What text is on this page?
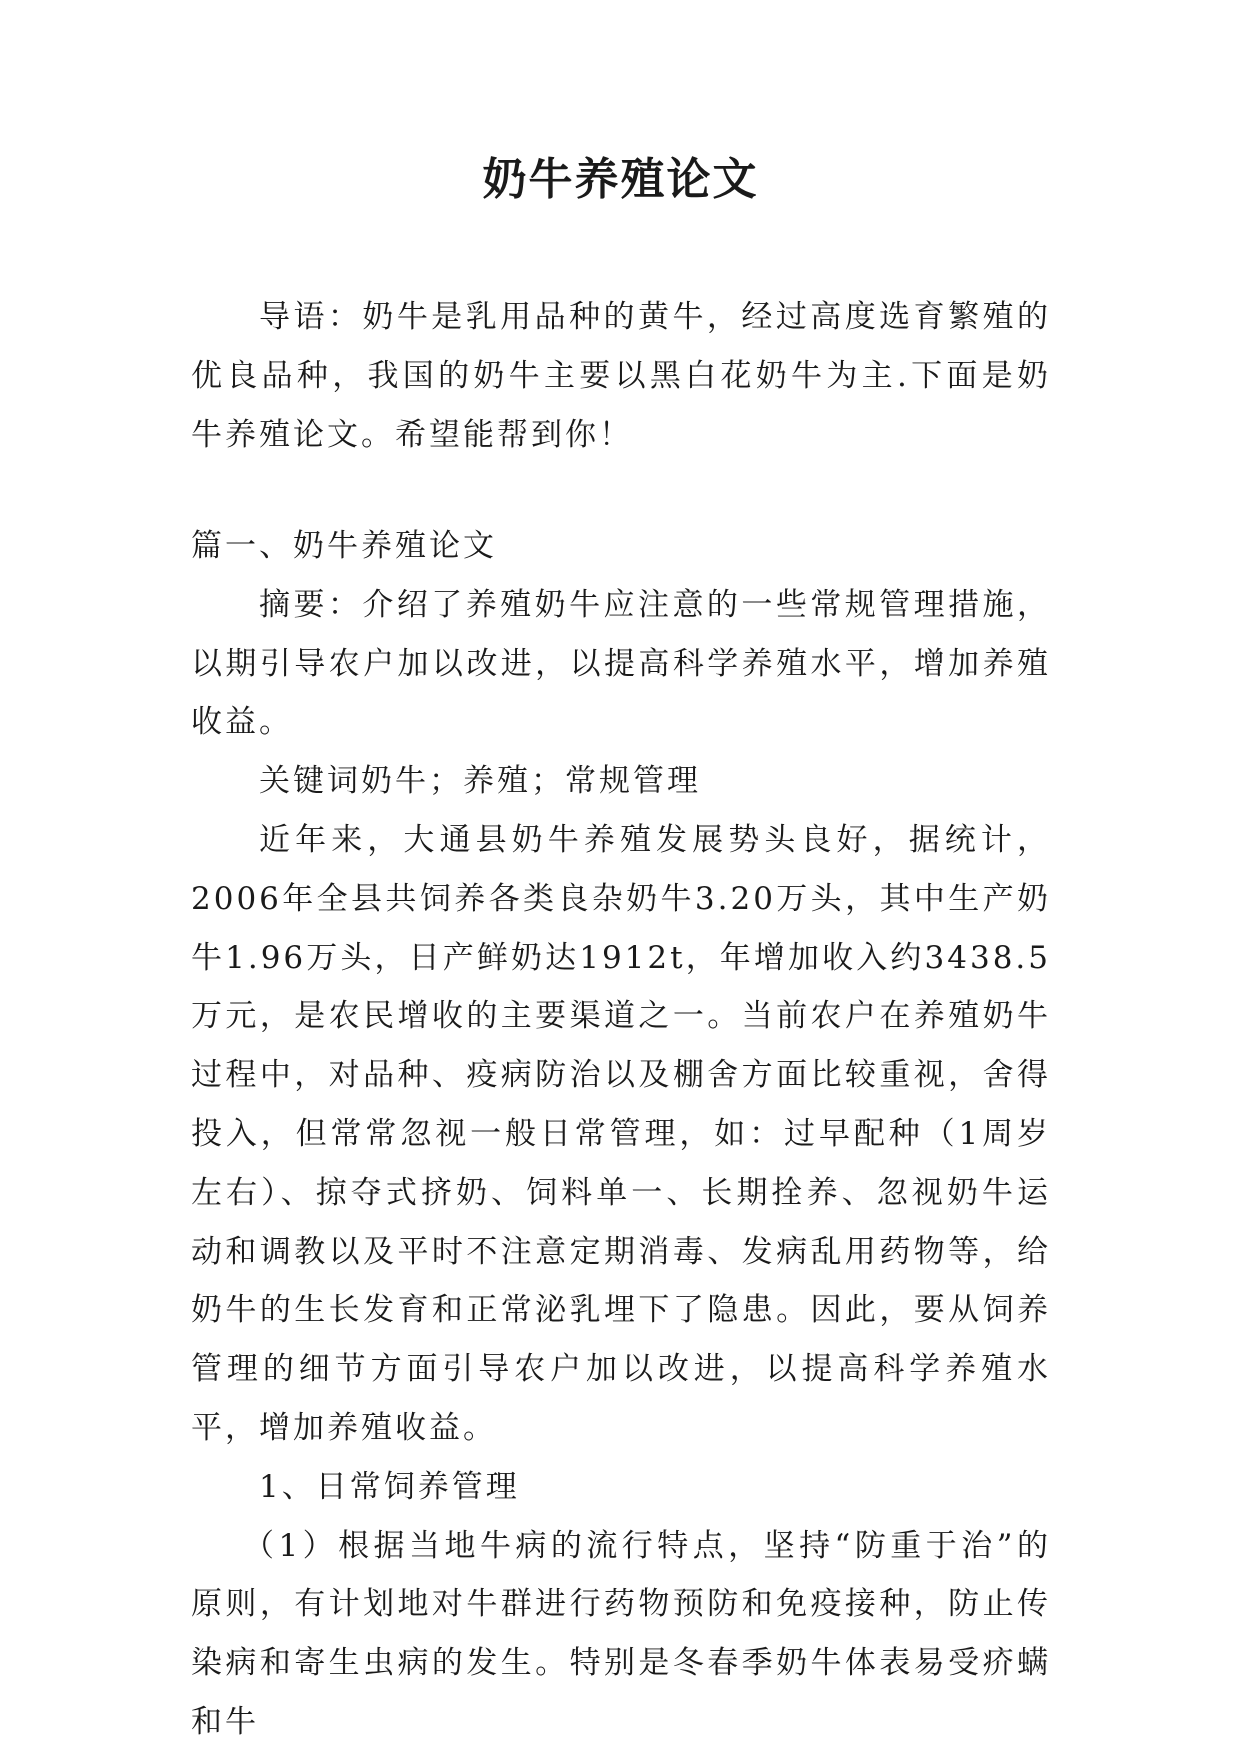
奶牛养殖论文

导语：奶牛是乳用品种的黄牛，经过高度选育繁殖的优良品种，我国的奶牛主要以黑白花奶牛为主.下面是奶牛养殖论文。希望能帮到你！

篇一、奶牛养殖论文

摘要：介绍了养殖奶牛应注意的一些常规管理措施，以期引导农户加以改进，以提高科学养殖水平，增加养殖收益。

关键词奶牛；养殖；常规管理

近年来，大通县奶牛养殖发展势头良好，据统计，2006年全县共饲养各类良杂奶牛3.20万头，其中生产奶牛1.96万头，日产鲜奶达1912t，年增加收入约3438.5万元，是农民增收的主要渠道之一。当前农户在养殖奶牛过程中，对品种、疫病防治以及棚舍方面比较重视，舍得投入，但常常忽视一般日常管理，如：过早配种（1周岁左右）、掠夺式挤奶、饲料单一、长期拴养、忽视奶牛运动和调教以及平时不注意定期消毒、发病乱用药物等，给奶牛的生长发育和正常泌乳埋下了隐患。因此，要从饲养管理的细节方面引导农户加以改进，以提高科学养殖水平，增加养殖收益。

1、日常饲养管理

（1）根据当地牛病的流行特点，坚持“防重于治”的原则，有计划地对牛群进行药物预防和免疫接种，防止传染病和寄生虫病的发生。特别是冬春季奶牛体表易受疥螨和牛
